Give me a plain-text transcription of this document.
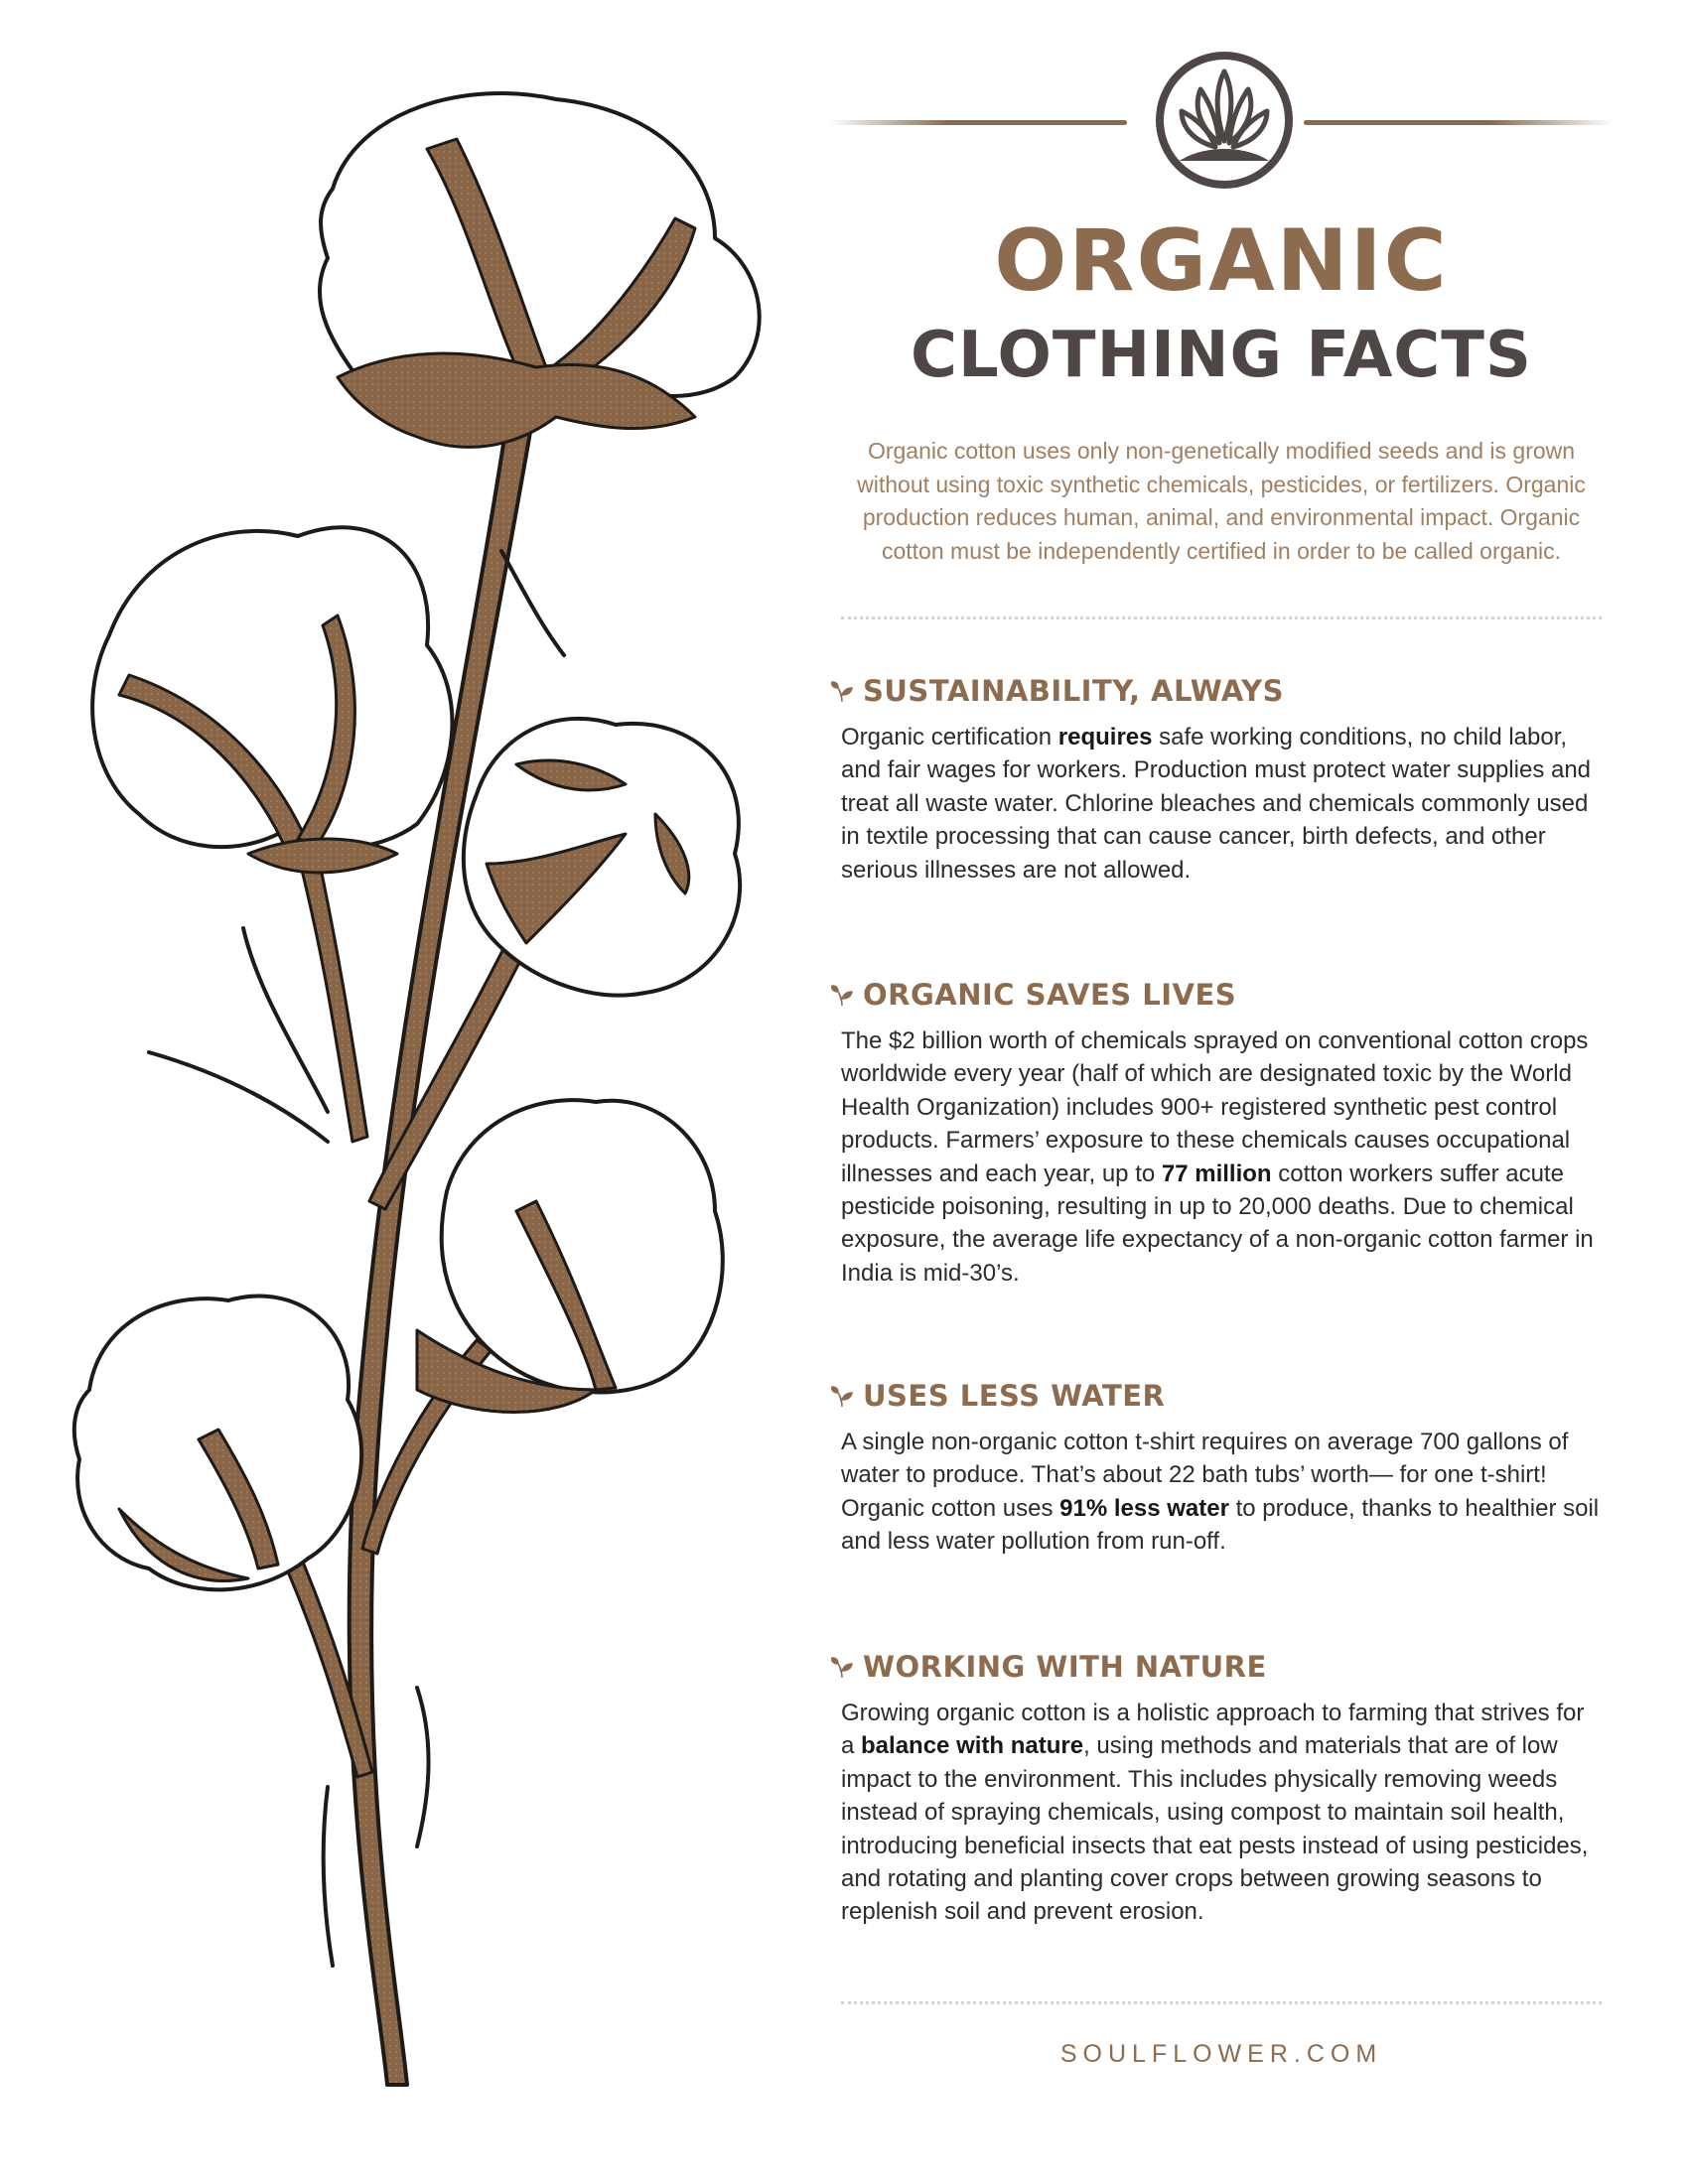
ORGANIC
CLOTHING FACTS
Organic cotton uses only non-genetically modified seeds and is grown without using toxic synthetic chemicals, pesticides, or fertilizers. Organic production reduces human, animal, and environmental impact. Organic cotton must be independently certified in order to be called organic.
SUSTAINABILITY, ALWAYS
Organic certification requires safe working conditions, no child labor, and fair wages for workers. Production must protect water supplies and treat all waste water. Chlorine bleaches and chemicals commonly used in textile processing that can cause cancer, birth defects, and other serious illnesses are not allowed.
ORGANIC SAVES LIVES
The $2 billion worth of chemicals sprayed on conventional cotton crops worldwide every year (half of which are designated toxic by the World Health Organization) includes 900+ registered synthetic pest control products. Farmers’ exposure to these chemicals causes occupational illnesses and each year, up to 77 million cotton workers suffer acute pesticide poisoning, resulting in up to 20,000 deaths. Due to chemical exposure, the average life expectancy of a non-organic cotton farmer in India is mid-30’s.
USES LESS WATER
A single non-organic cotton t-shirt requires on average 700 gallons of water to produce. That’s about 22 bath tubs’ worth— for one t-shirt! Organic cotton uses 91% less water to produce, thanks to healthier soil and less water pollution from run-off.
WORKING WITH NATURE
Growing organic cotton is a holistic approach to farming that strives for a balance with nature, using methods and materials that are of low impact to the environment. This includes physically removing weeds instead of spraying chemicals, using compost to maintain soil health, introducing beneficial insects that eat pests instead of using pesticides, and rotating and planting cover crops between growing seasons to replenish soil and prevent erosion.
SOULFLOWER.COM
